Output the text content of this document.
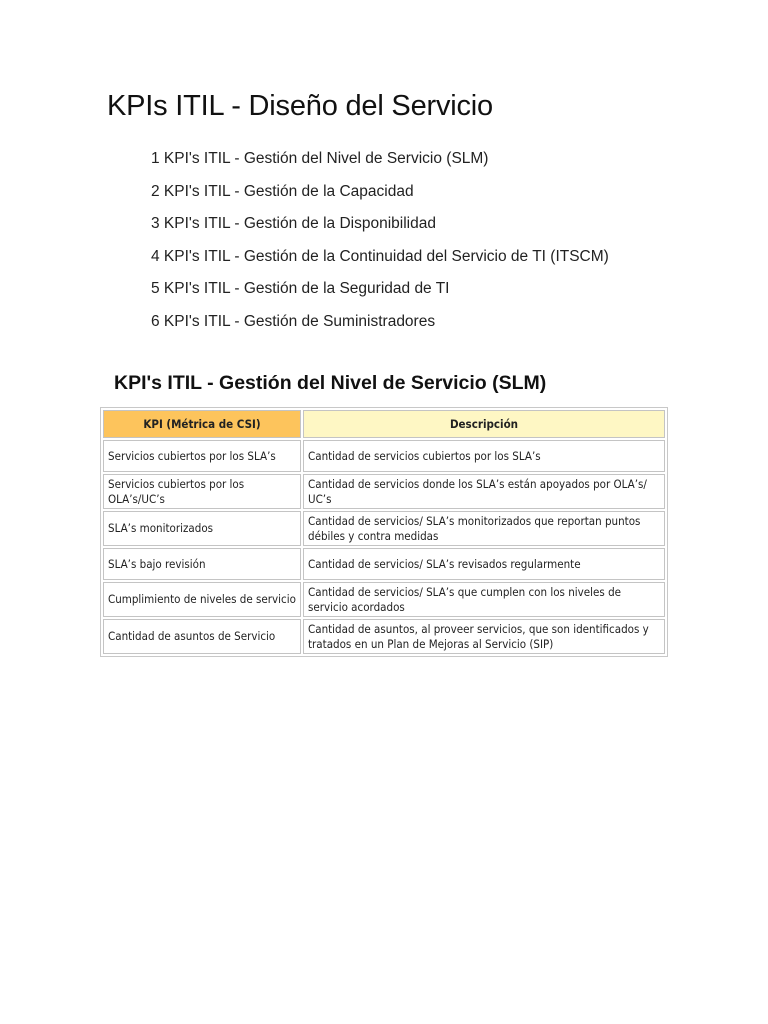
KPIs ITIL - Diseño del Servicio
1 KPI's ITIL - Gestión del Nivel de Servicio (SLM)
2 KPI's ITIL - Gestión de la Capacidad
3 KPI's ITIL - Gestión de la Disponibilidad
4 KPI's ITIL - Gestión de la Continuidad del Servicio de TI (ITSCM)
5 KPI's ITIL - Gestión de la Seguridad de TI
6 KPI's ITIL - Gestión de Suministradores
KPI's ITIL - Gestión del Nivel de Servicio (SLM)
KPI (Métrica de CSI)	Descripción
Servicios cubiertos por los SLA’s	Cantidad de servicios cubiertos por los SLA’s
Servicios cubiertos por los OLA’s/UC’s	Cantidad de servicios donde los SLA’s están apoyados por OLA’s/ UC’s
SLA’s monitorizados	Cantidad de servicios/ SLA’s monitorizados que reportan puntos débiles y contra medidas
SLA’s bajo revisión	Cantidad de servicios/ SLA’s revisados regularmente
Cumplimiento de niveles de servicio	Cantidad de servicios/ SLA’s que cumplen con los niveles de servicio acordados
Cantidad de asuntos de Servicio	Cantidad de asuntos, al proveer servicios, que son identificados y tratados en un Plan de Mejoras al Servicio (SIP)
